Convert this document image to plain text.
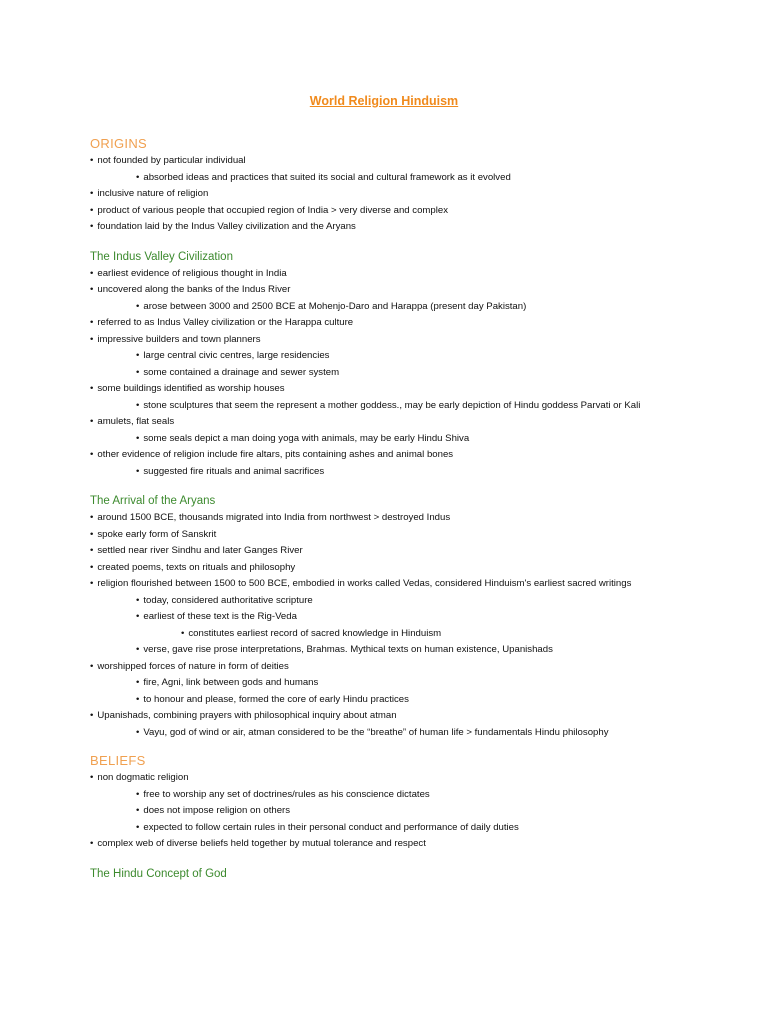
World Religion Hinduism
ORIGINS
• not founded by particular individual
• absorbed ideas and practices that suited its social and cultural framework as it evolved
• inclusive nature of religion
• product of various people that occupied region of India > very diverse and complex
• foundation laid by the Indus Valley civilization and the Aryans
The Indus Valley Civilization
• earliest evidence of religious thought in India
• uncovered along the banks of the Indus River
• arose between 3000 and 2500 BCE at Mohenjo-Daro and Harappa (present day Pakistan)
• referred to as Indus Valley civilization or the Harappa culture
• impressive builders and town planners
• large central civic centres, large residencies
• some contained a drainage and sewer system
• some buildings identified as worship houses
• stone sculptures that seem the represent a mother goddess., may be early depiction of Hindu goddess Parvati or Kali
• amulets, flat seals
• some seals depict a man doing yoga with animals, may be early Hindu Shiva
• other evidence of religion include fire altars, pits containing ashes and animal bones
• suggested fire rituals and animal sacrifices
The Arrival of the Aryans
• around 1500 BCE, thousands migrated into India from northwest > destroyed Indus
• spoke early form of Sanskrit
• settled near river Sindhu and later Ganges River
• created poems, texts on rituals and philosophy
• religion flourished between 1500 to 500 BCE, embodied in works called Vedas, considered Hinduism's earliest sacred writings
• today, considered authoritative scripture
• earliest of these text is the Rig-Veda
• constitutes earliest record of sacred knowledge in Hinduism
• verse, gave rise prose interpretations, Brahmas. Mythical texts on human existence, Upanishads
• worshipped forces of nature in form of deities
• fire, Agni, link between gods and humans
• to honour and please, formed the core of early Hindu practices
• Upanishads, combining prayers with philosophical inquiry about atman
• Vayu, god of wind or air, atman considered to be the “breathe” of human life > fundamentals Hindu philosophy
BELIEFS
• non dogmatic religion
• free to worship any set of doctrines/rules as his conscience dictates
• does not impose religion on others
• expected to follow certain rules in their personal conduct and performance of daily duties
• complex web of diverse beliefs held together by mutual tolerance and respect
The Hindu Concept of God
